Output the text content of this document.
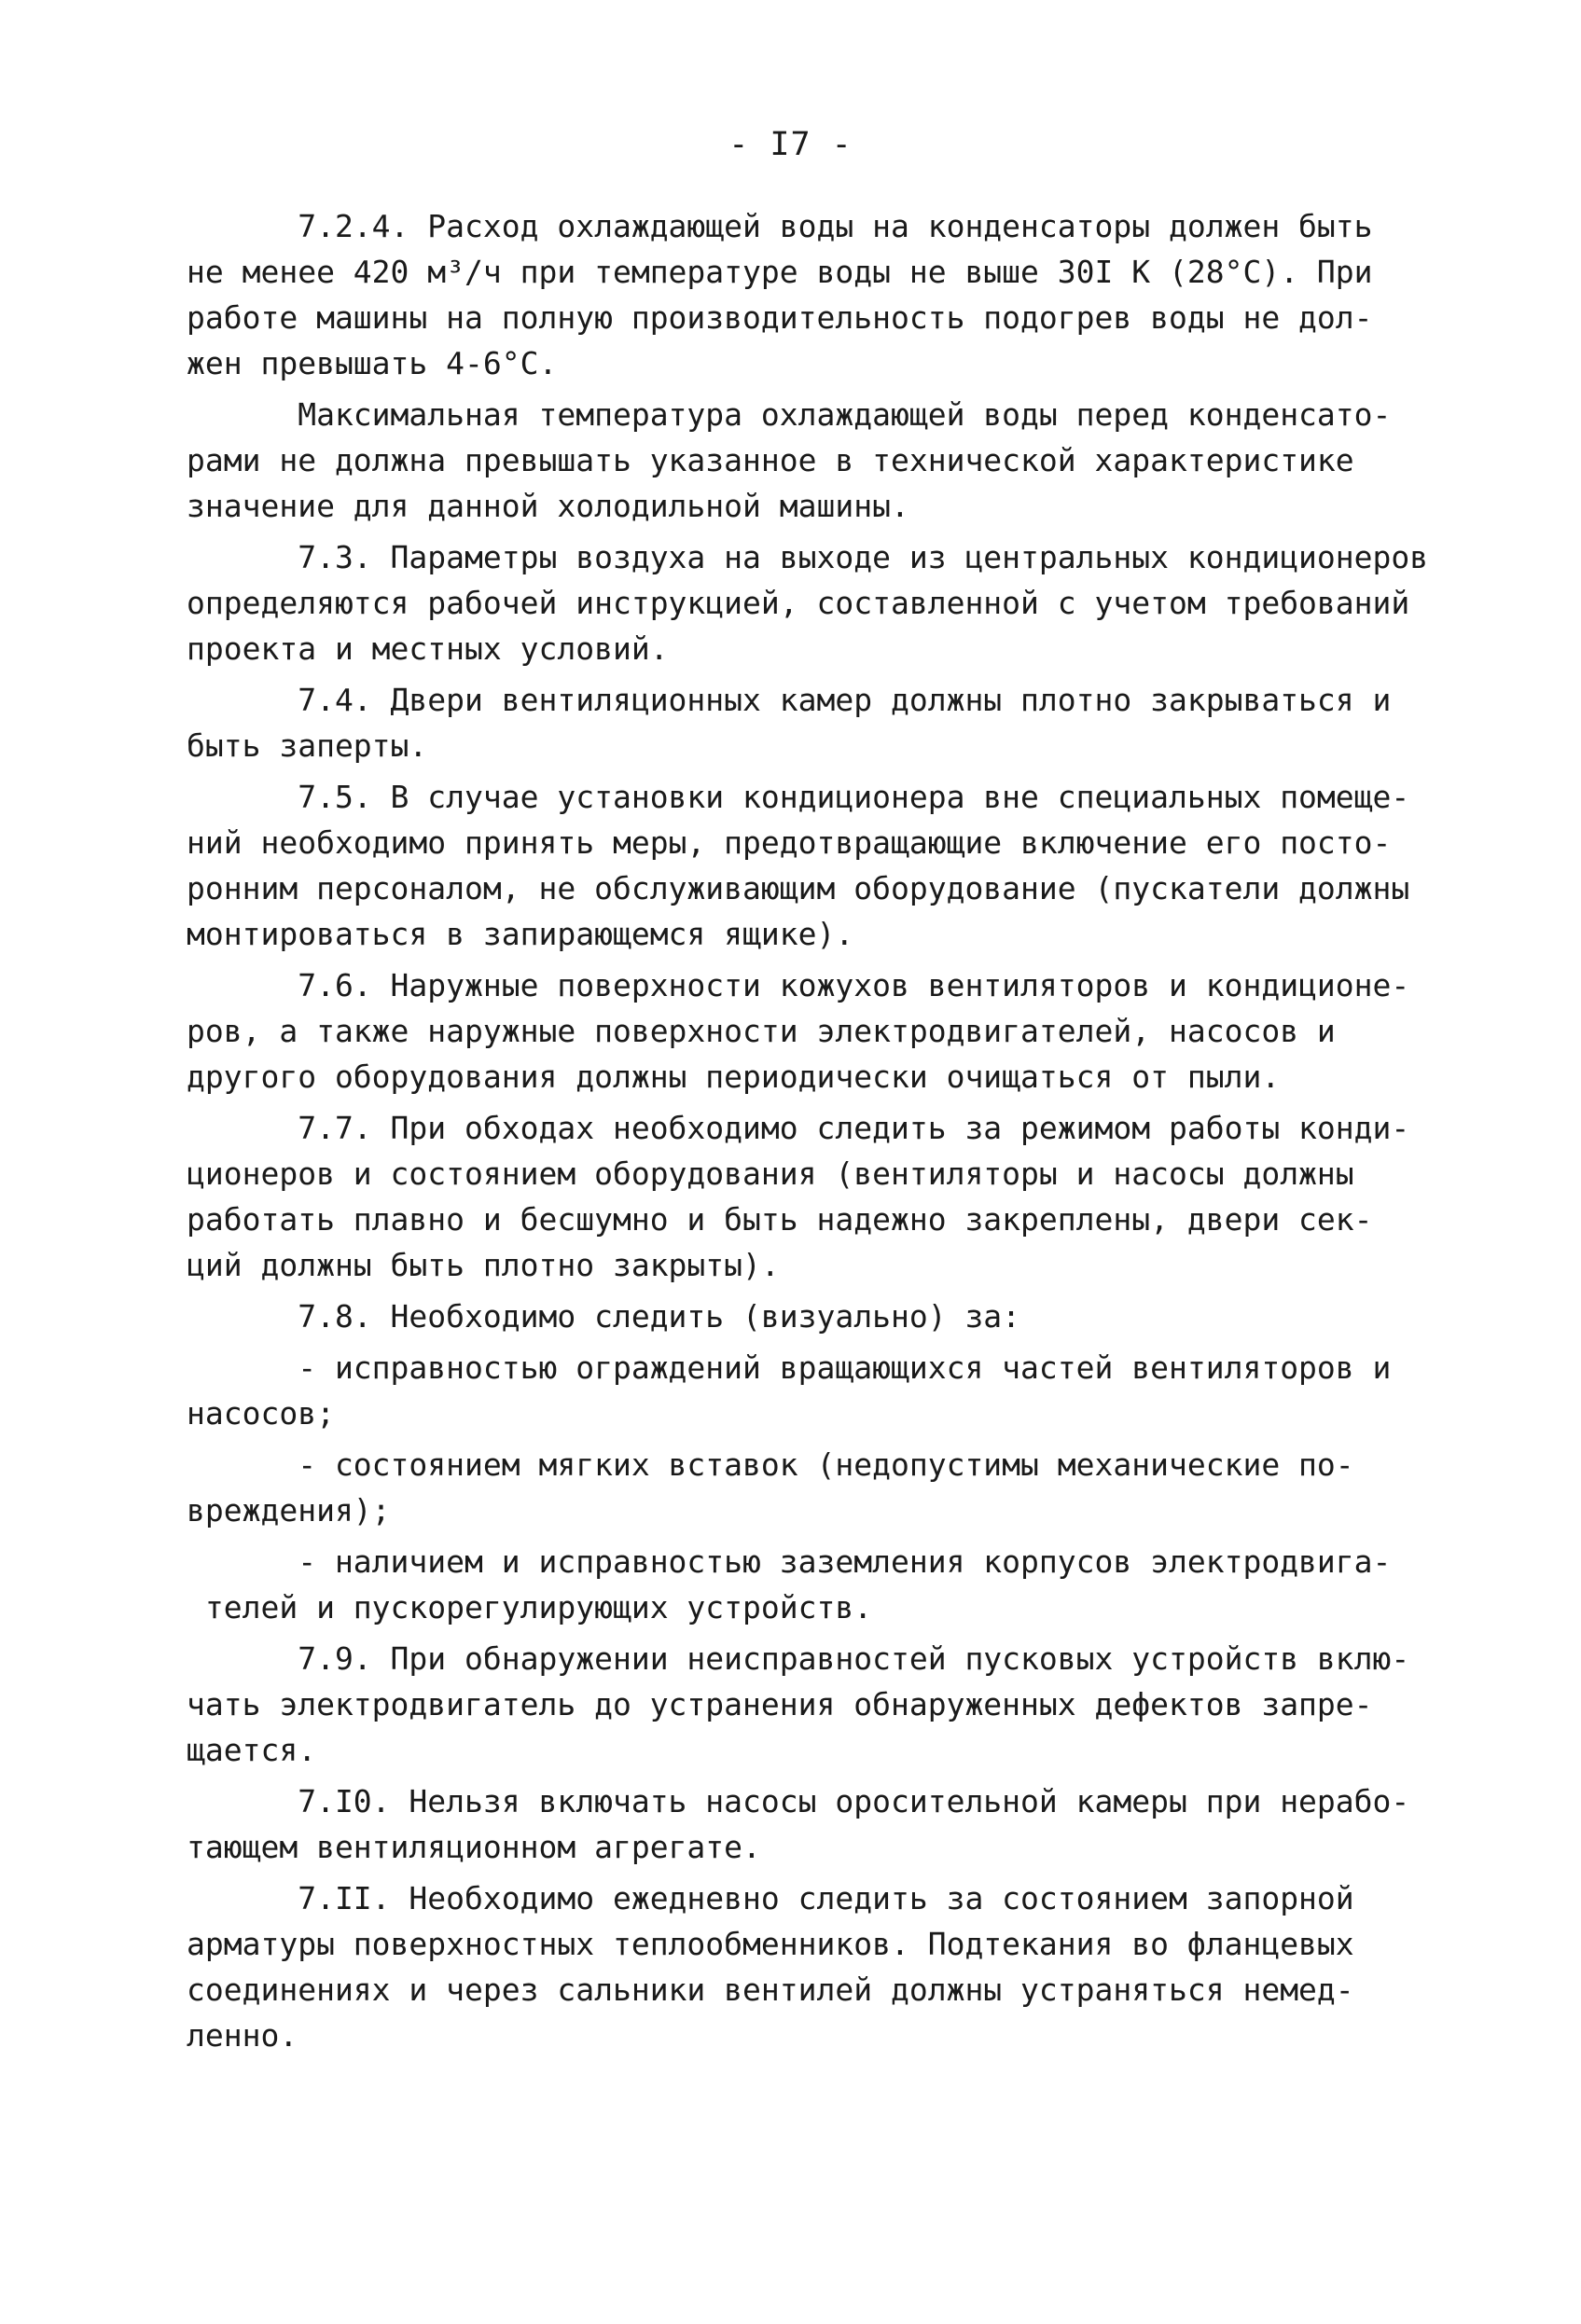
- I7 -
7.2.4. Расход охлаждающей воды на конденсаторы должен быть
не менее 420 м³/ч при температуре воды не выше 30I К (28°С). При
работе машины на полную производительность подогрев воды не дол-
жен превышать 4-6°С.
Максимальная температура охлаждающей воды перед конденсато-
рами не должна превышать указанное в технической характеристике
значение для данной холодильной машины.
7.3. Параметры воздуха на выходе из центральных кондиционеров
определяются рабочей инструкцией, составленной с учетом требований
проекта и местных условий.
7.4. Двери вентиляционных камер должны плотно закрываться и
быть заперты.
7.5. В случае установки кондиционера вне специальных помеще-
ний необходимо принять меры, предотвращающие включение его посто-
ронним персоналом, не обслуживающим оборудование (пускатели должны
монтироваться в запирающемся ящике).
7.6. Наружные поверхности кожухов вентиляторов и кондиционе-
ров, а также наружные поверхности электродвигателей, насосов и
другого оборудования должны периодически очищаться от пыли.
7.7. При обходах необходимо следить за режимом работы конди-
ционеров и состоянием оборудования (вентиляторы и насосы должны
работать плавно и бесшумно и быть надежно закреплены, двери сек-
ций должны быть плотно закрыты).
7.8. Необходимо следить (визуально) за:
- исправностью ограждений вращающихся частей вентиляторов и
насосов;
- состоянием мягких вставок (недопустимы механические по-
вреждения);
- наличием и исправностью заземления корпусов электродвига-
телей и пускорегулирующих устройств.
7.9. При обнаружении неисправностей пусковых устройств вклю-
чать электродвигатель до устранения обнаруженных дефектов запре-
щается.
7.I0. Нельзя включать насосы оросительной камеры при нерабо-
тающем вентиляционном агрегате.
7.II. Необходимо ежедневно следить за состоянием запорной
арматуры поверхностных теплообменников. Подтекания во фланцевых
соединениях и через сальники вентилей должны устраняться немед-
ленно.
